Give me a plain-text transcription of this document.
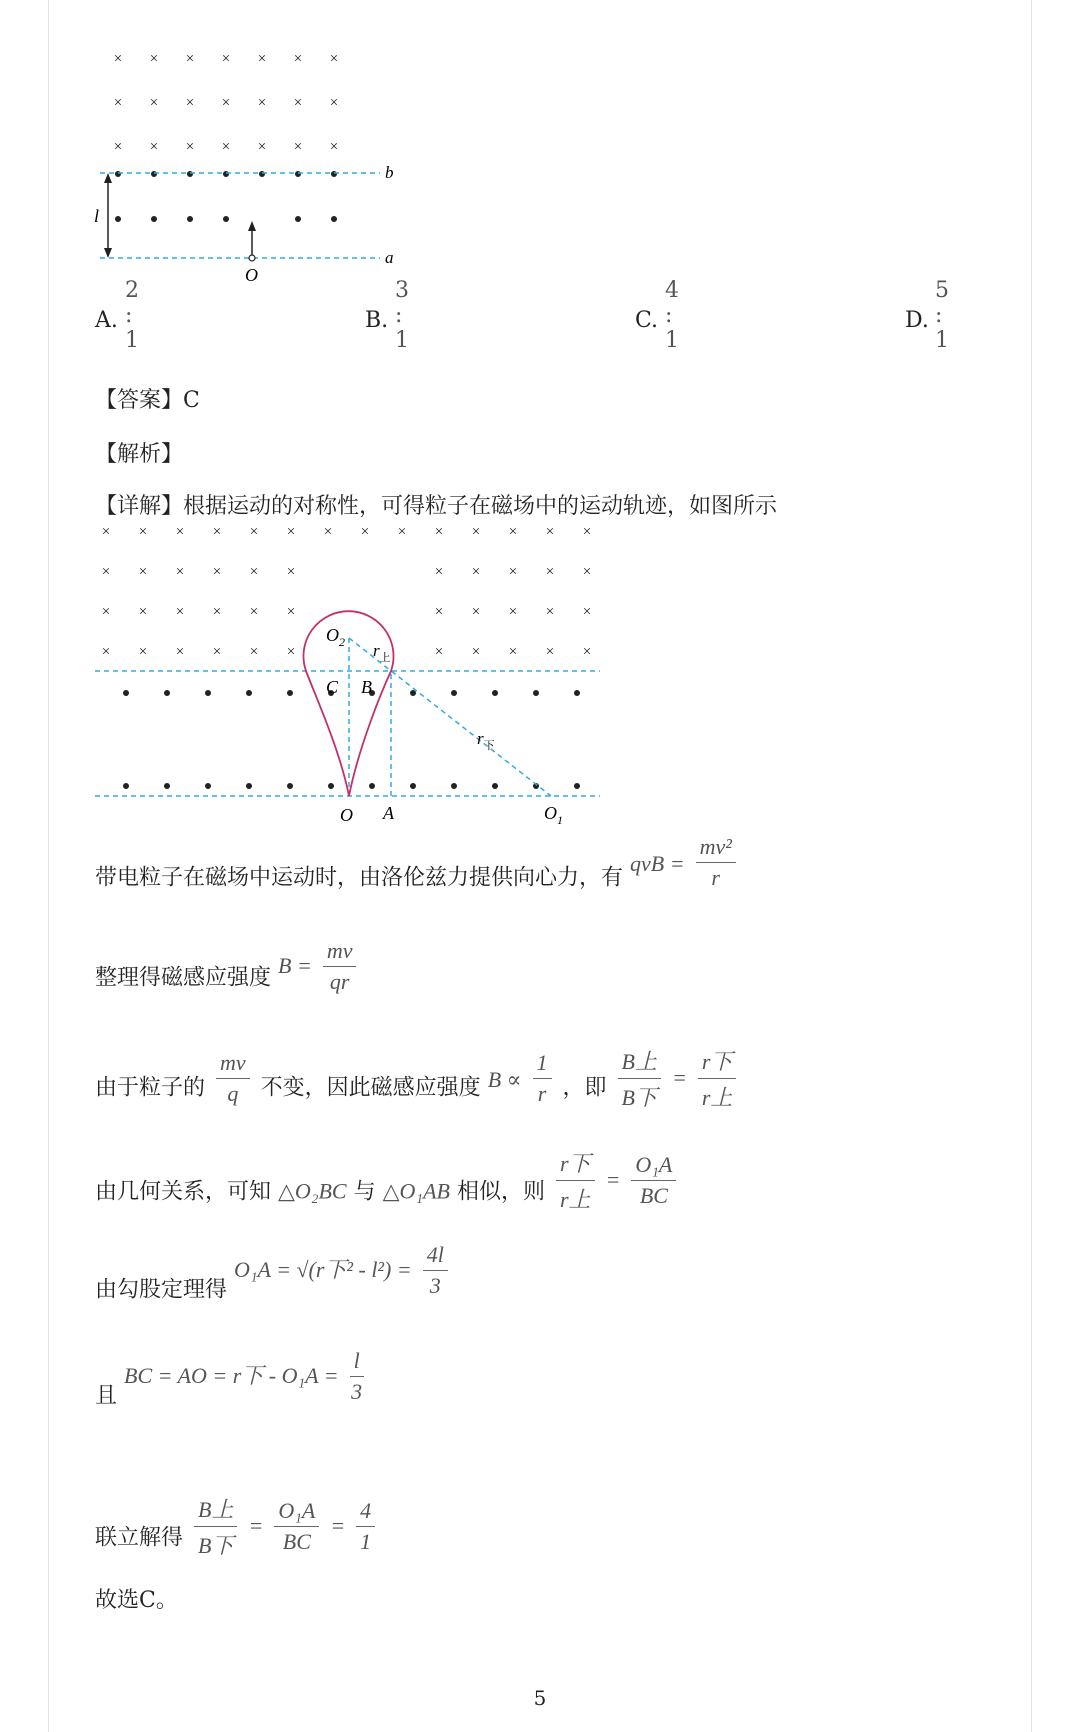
× × × × × × ×
× × × × × × ×
× × × × × × ×
b
a
l
O
A.
2 : 1
B.
3 : 1
C.
4 : 1
D.
5 : 1
【答案】C
【解析】
【详解】根据运动的对称性，可得粒子在磁场中的运动轨迹，如图所示
× × × × × × × × × × × × × ×
× × × × × ×	× × × × ×
× × × × × ×	× × × × ×
× × × × × ×	× × × × ×
$O_2$ $r_上$
C B
$r_下$
O A	$O_1$
带电粒子在磁场中运动时，由洛伦兹力提供向心力，有 qvB = $\frac{\text{mv²}}{r}$
整理得磁感应强度 $B = \frac{mv}{qr}$
由于粒子的 $\frac{mv}{q}$ 不变，因此磁感应强度 $B \propto \frac{1}{r}$ ，即 $\frac{\text{B上}}{\text{B下}} = \frac{\text{r下}}{\text{r上}}$
由几何关系，可知 △O₂BC 与 △O₁AB 相似，则 $\frac{\text{r下}}{\text{r上}} = \frac{\text{O₁A}}{BC}$
由勾股定理得 O₁A = √(r下$^2 - l^2) = \frac{4l}{3}$
且 BC = AO = r下 - $O_1A = \frac{l}{3}$
联立解得 $\frac{\text{B上}}{\text{B下}} = \frac{\text{O₁A}}{BC} = \frac{4}{1}$
故选C。
5
